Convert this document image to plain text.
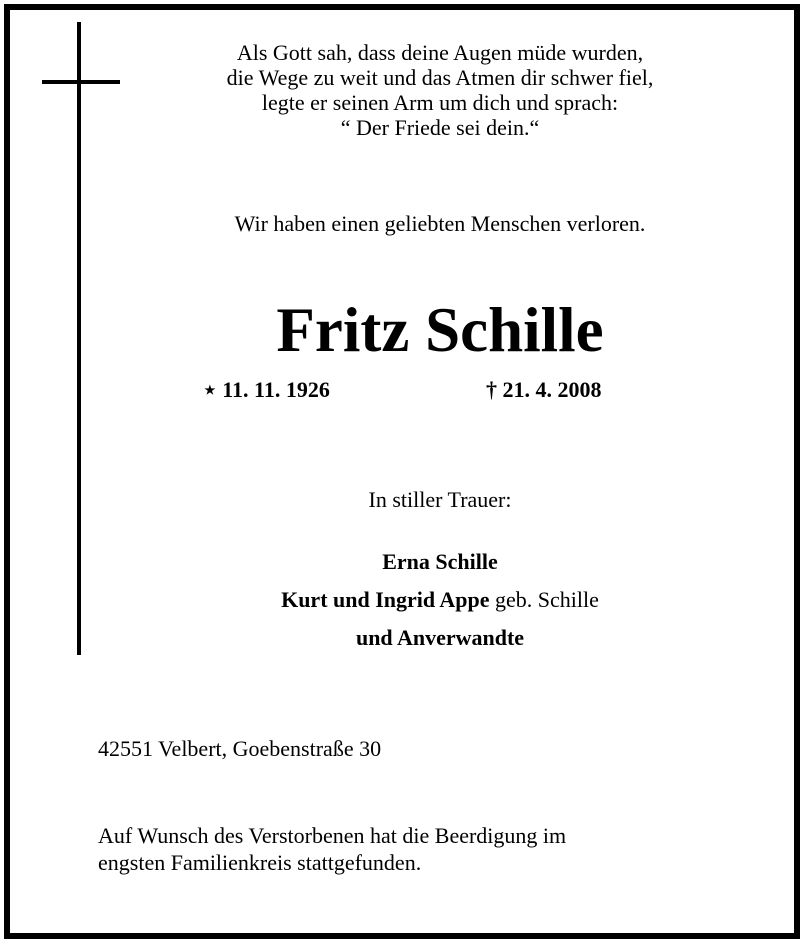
Als Gott sah, dass deine Augen müde wurden,
die Wege zu weit und das Atmen dir schwer fiel,
legte er seinen Arm um dich und sprach:
“ Der Friede sei dein.“
Wir haben einen geliebten Menschen verloren.
Fritz Schille
⋆ 11. 11. 1926	† 21. 4. 2008
In stiller Trauer:
Erna Schille
Kurt und Ingrid Appe geb. Schille
und Anverwandte
42551 Velbert, Goebenstraße 30
Auf Wunsch des Verstorbenen hat die Beerdigung im
engsten Familienkreis stattgefunden.
